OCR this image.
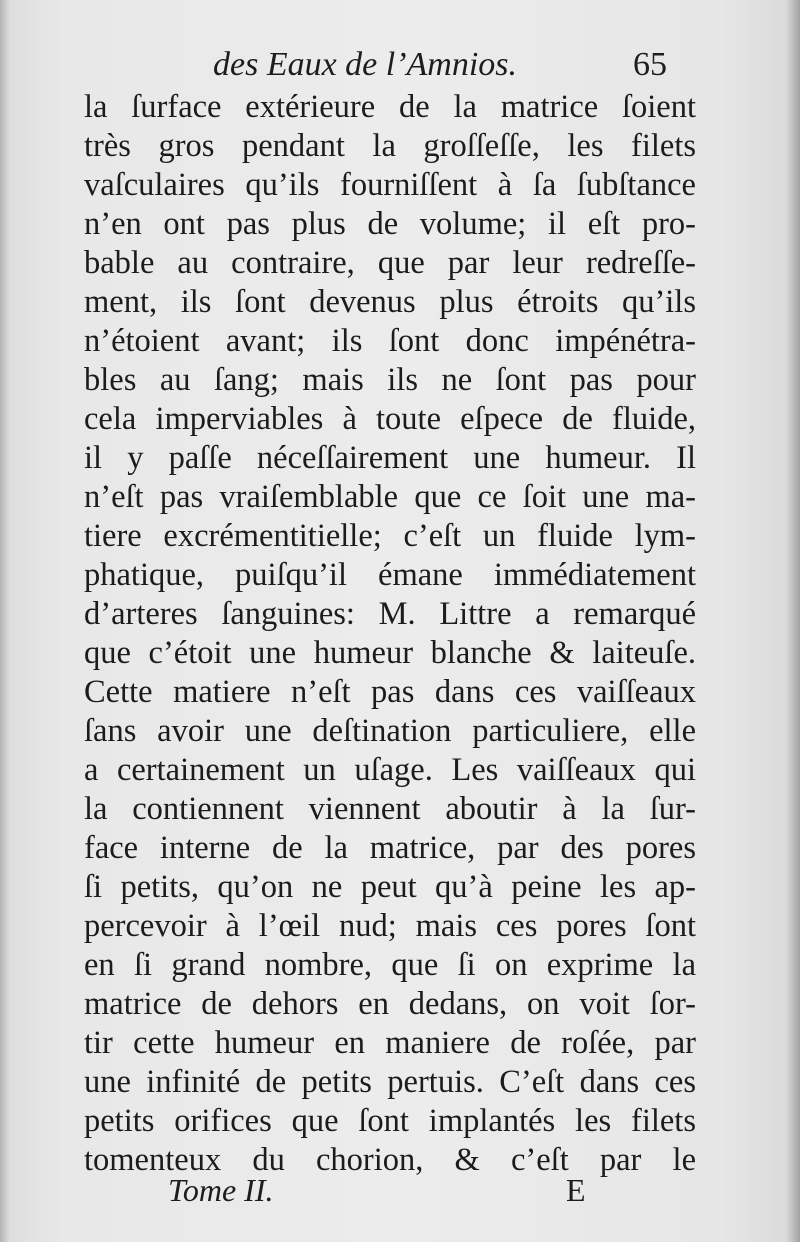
des Eaux de l’Amnios.	65
la ſurface extérieure de la matrice ſoient
très gros pendant la groſſeſſe, les filets
vaſculaires qu’ils fourniſſent à ſa ſubſtance
n’en ont pas plus de volume; il eſt pro-
bable au contraire, que par leur redreſſe-
ment, ils ſont devenus plus étroits qu’ils
n’étoient avant; ils ſont donc impénétra-
bles au ſang; mais ils ne ſont pas pour
cela imperviables à toute eſpece de fluide,
il y paſſe néceſſairement une humeur. Il
n’eſt pas vraiſemblable que ce ſoit une ma-
tiere excrémentitielle; c’eſt un fluide lym-
phatique, puiſqu’il émane immédiatement
d’arteres ſanguines: M. Littre a remarqué
que c’étoit une humeur blanche & laiteuſe.
Cette matiere n’eſt pas dans ces vaiſſeaux
ſans avoir une deſtination particuliere, elle
a certainement un uſage. Les vaiſſeaux qui
la contiennent viennent aboutir à la ſur-
face interne de la matrice, par des pores
ſi petits, qu’on ne peut qu’à peine les ap-
percevoir à l’œil nud; mais ces pores ſont
en ſi grand nombre, que ſi on exprime la
matrice de dehors en dedans, on voit ſor-
tir cette humeur en maniere de roſée, par
une infinité de petits pertuis. C’eſt dans ces
petits orifices que ſont implantés les filets
tomenteux du chorion, & c’eſt par le
Tome II.	E
